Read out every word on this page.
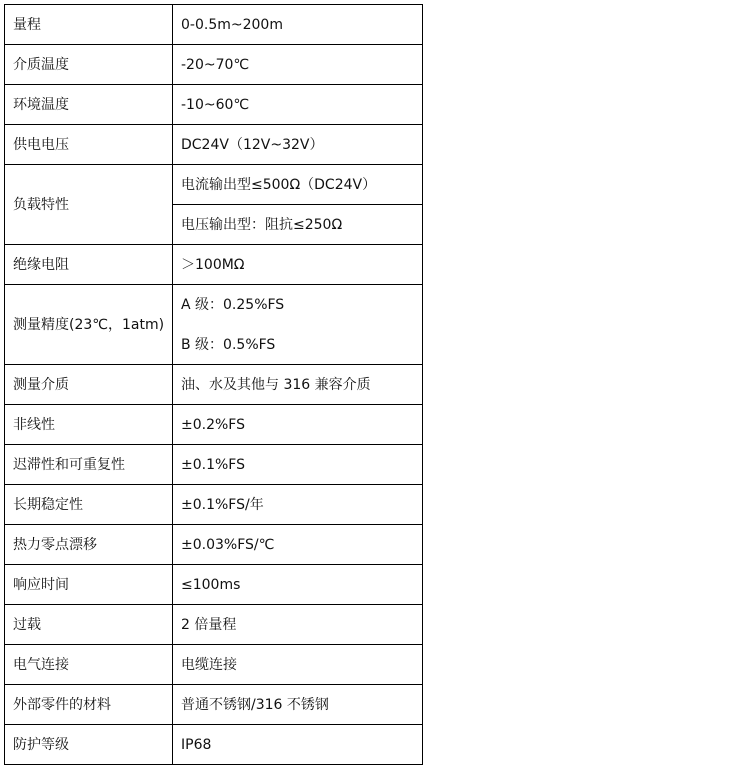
量程	0-0.5m~200m
介质温度	-20~70℃
环境温度	-10~60℃
供电电压	DC24V（12V~32V）
负载特性	电流输出型≤500Ω（DC24V）
	电压输出型：阻抗≤250Ω
绝缘电阻	＞100MΩ
测量精度(23℃，1atm)	A 级：0.25%FS
B 级：0.5%FS

测量介质	油、水及其他与 316 兼容介质
非线性	±0.2%FS
迟滞性和可重复性	±0.1%FS
长期稳定性	±0.1%FS/年
热力零点漂移	±0.03%FS/℃
响应时间	≤100ms
过载	2 倍量程
电气连接	电缆连接
外部零件的材料	普通不锈钢/316 不锈钢
防护等级	IP68
